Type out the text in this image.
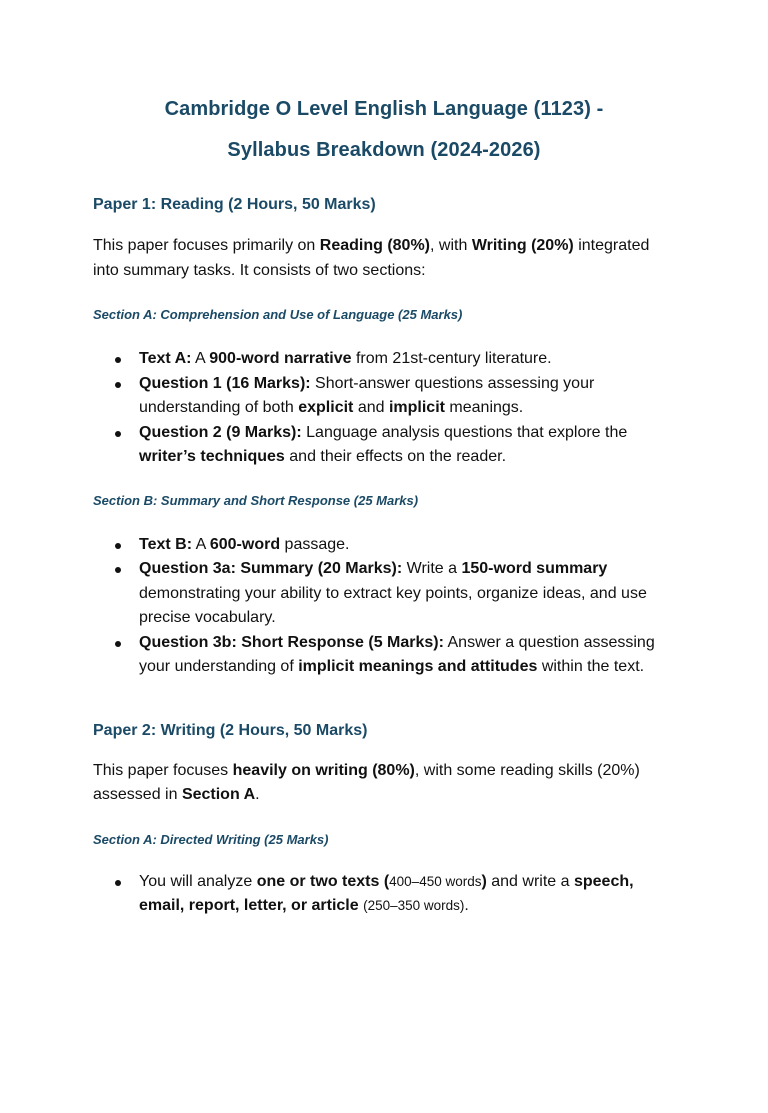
Cambridge O Level English Language (1123) -
Syllabus Breakdown (2024-2026)
Paper 1: Reading (2 Hours, 50 Marks)

This paper focuses primarily on Reading (80%), with Writing (20%) integrated into summary tasks. It consists of two sections:

Section A: Comprehension and Use of Language (25 Marks)
Text A: A 900-word narrative from 21st-century literature.
Question 1 (16 Marks): Short-answer questions assessing your understanding of both explicit and implicit meanings.
Question 2 (9 Marks): Language analysis questions that explore the writer’s techniques and their effects on the reader.
Section B: Summary and Short Response (25 Marks)
Text B: A 600-word passage.
Question 3a: Summary (20 Marks): Write a 150-word summary demonstrating your ability to extract key points, organize ideas, and use precise vocabulary.
Question 3b: Short Response (5 Marks): Answer a question assessing your understanding of implicit meanings and attitudes within the text.
Paper 2: Writing (2 Hours, 50 Marks)

This paper focuses heavily on writing (80%), with some reading skills (20%) assessed in Section A.

Section A: Directed Writing (25 Marks)
You will analyze one or two texts (400–450 words) and write a speech, email, report, letter, or article (250–350 words).
